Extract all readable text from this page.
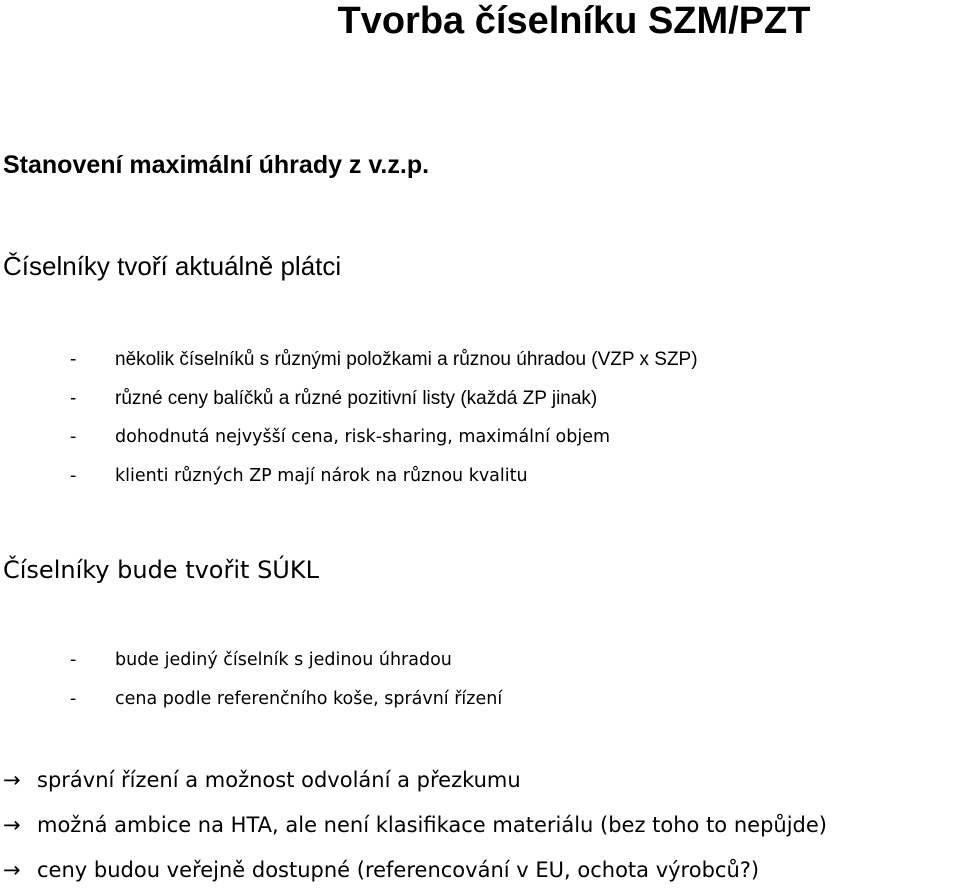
Tvorba číselníku SZM/PZT
Stanovení maximální úhrady z v.z.p.
Číselníky tvoří aktuálně plátci
- několik číselníků s různými položkami a různou úhradou (VZP x SZP)
- různé ceny balíčků a různé pozitivní listy (každá ZP jinak)
- dohodnutá nejvyšší cena, risk-sharing, maximální objem
- klienti různých ZP mají nárok na různou kvalitu
Číselníky bude tvořit SÚKL
- bude jediný číselník s jedinou úhradou
- cena podle referenčního koše, správní řízení
→ správní řízení a možnost odvolání a přezkumu
→ možná ambice na HTA, ale není klasifikace materiálu (bez toho to nepůjde)
→ ceny budou veřejně dostupné (referencování v EU, ochota výrobců?)
